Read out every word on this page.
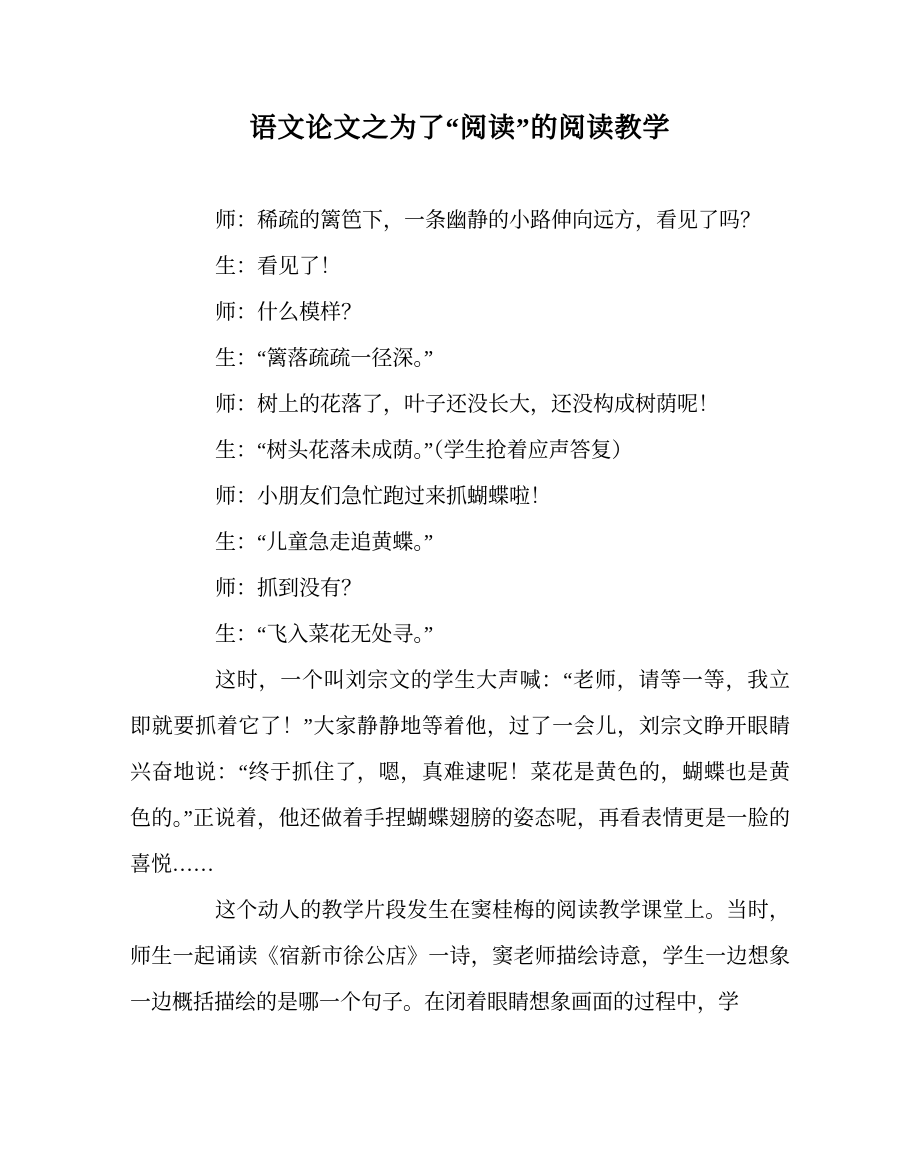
语文论文之为了“阅读”的阅读教学

师：稀疏的篱笆下，一条幽静的小路伸向远方，看见了吗？

生：看见了！

师：什么模样？

生：“篱落疏疏一径深。”

师：树上的花落了，叶子还没长大，还没构成树荫呢！

生：“树头花落未成荫。”（学生抢着应声答复）

师：小朋友们急忙跑过来抓蝴蝶啦！

生：“儿童急走追黄蝶。”

师：抓到没有？

生：“飞入菜花无处寻。”

这时，一个叫刘宗文的学生大声喊：“老师，请等一等，我立即就要抓着它了！”大家静静地等着他，过了一会儿，刘宗文睁开眼睛兴奋地说：“终于抓住了，嗯，真难逮呢！菜花是黄色的，蝴蝶也是黄色的。”正说着，他还做着手捏蝴蝶翅膀的姿态呢，再看表情更是一脸的喜悦……

这个动人的教学片段发生在窦桂梅的阅读教学课堂上。当时，师生一起诵读《宿新市徐公店》一诗，窦老师描绘诗意，学生一边想象一边概括描绘的是哪一个句子。在闭着眼睛想象画面的过程中，学
